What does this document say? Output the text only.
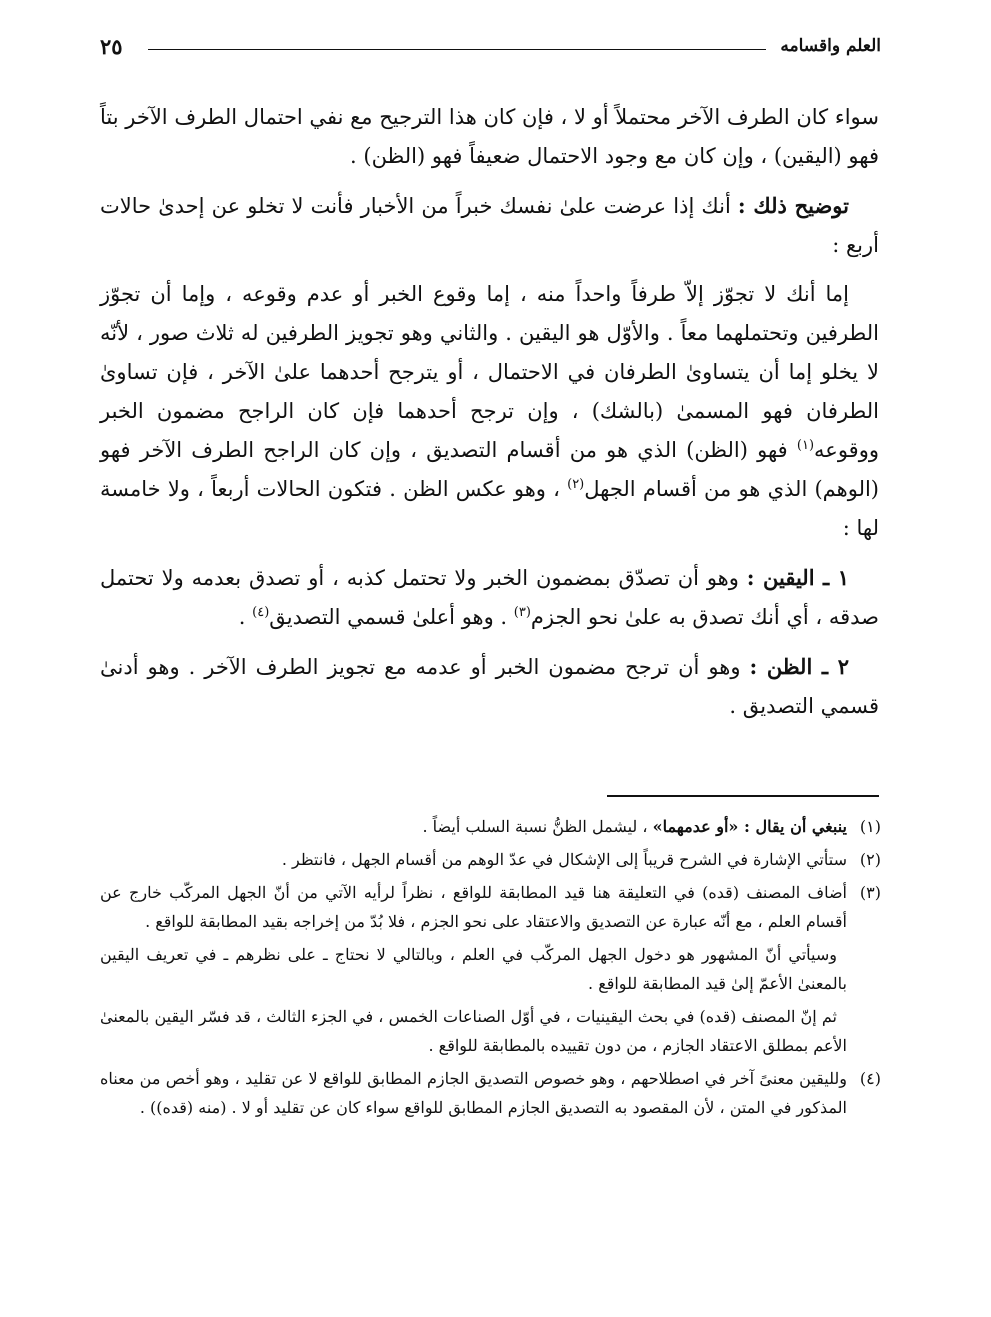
العلم واقسامه
٢٥

سواء كان الطرف الآخر محتملاً أو لا ، فإن كان هذا الترجيح مع نفي احتمال الطرف الآخر بتاً فهو (اليقين) ، وإن كان مع وجود الاحتمال ضعيفاً فهو (الظن) .

توضيح ذلك : أنك إذا عرضت علىٰ نفسك خبراً من الأخبار فأنت لا تخلو عن إحدىٰ حالات أربع :

إما أنك لا تجوّز إلاّ طرفاً واحداً منه ، إما وقوع الخبر أو عدم وقوعه ، وإما أن تجوّز الطرفين وتحتملهما معاً . والأوّل هو اليقين . والثاني وهو تجويز الطرفين له ثلاث صور ، لأنّه لا يخلو إما أن يتساوىٰ الطرفان في الاحتمال ، أو يترجح أحدهما علىٰ الآخر ، فإن تساوىٰ الطرفان فهو المسمىٰ (بالشك) ، وإن ترجح أحدهما فإن كان الراجح مضمون الخبر ووقوعه$^{(١)}$ فهو (الظن) الذي هو من أقسام التصديق ، وإن كان الراجح الطرف الآخر فهو (الوهم) الذي هو من أقسام الجهل$^{(٢)}$ ، وهو عكس الظن . فتكون الحالات أربعاً ، ولا خامسة لها :

١ ـ اليقين : وهو أن تصدّق بمضمون الخبر ولا تحتمل كذبه ، أو تصدق بعدمه ولا تحتمل صدقه ، أي أنك تصدق به علىٰ نحو الجزم$^{(٣)}$ . وهو أعلىٰ قسمي التصديق$^{(٤)}$ .

٢ ـ الظن : وهو أن ترجح مضمون الخبر أو عدمه مع تجويز الطرف الآخر . وهو أدنىٰ قسمي التصديق .

(١)
ينبغي أن يقال : «أو عدمهما» ، ليشمل الظنُّ نسبة السلب أيضاً .
(٢)
ستأتي الإشارة في الشرح قريباً إلى الإشكال في عدّ الوهم من أقسام الجهل ، فانتظر .
(٣)
أضاف المصنف (قده) في التعليقة هنا قيد المطابقة للواقع ، نظراً لرأيه الآتي من أنّ الجهل المركّب خارج عن أقسام العلم ، مع أنّه عبارة عن التصديق والاعتقاد على نحو الجزم ، فلا بُدّ من إخراجه بقيد المطابقة للواقع .
وسيأتي أنّ المشهور هو دخول الجهل المركّب في العلم ، وبالتالي لا نحتاج ـ على نظرهم ـ في تعريف اليقين بالمعنىٰ الأعمّ إلىٰ قيد المطابقة للواقع .
ثم إنّ المصنف (قده) في بحث اليقينيات ، في أوّل الصناعات الخمس ، في الجزء الثالث ، قد فسّر اليقين بالمعنىٰ الأعم بمطلق الاعتقاد الجازم ، من دون تقييده بالمطابقة للواقع .
(٤)
ولليقين معنىً آخر في اصطلاحهم ، وهو خصوص التصديق الجازم المطابق للواقع لا عن تقليد ، وهو أخص من معناه المذكور في المتن ، لأن المقصود به التصديق الجازم المطابق للواقع سواء كان عن تقليد أو لا . (منه (قده)) .
